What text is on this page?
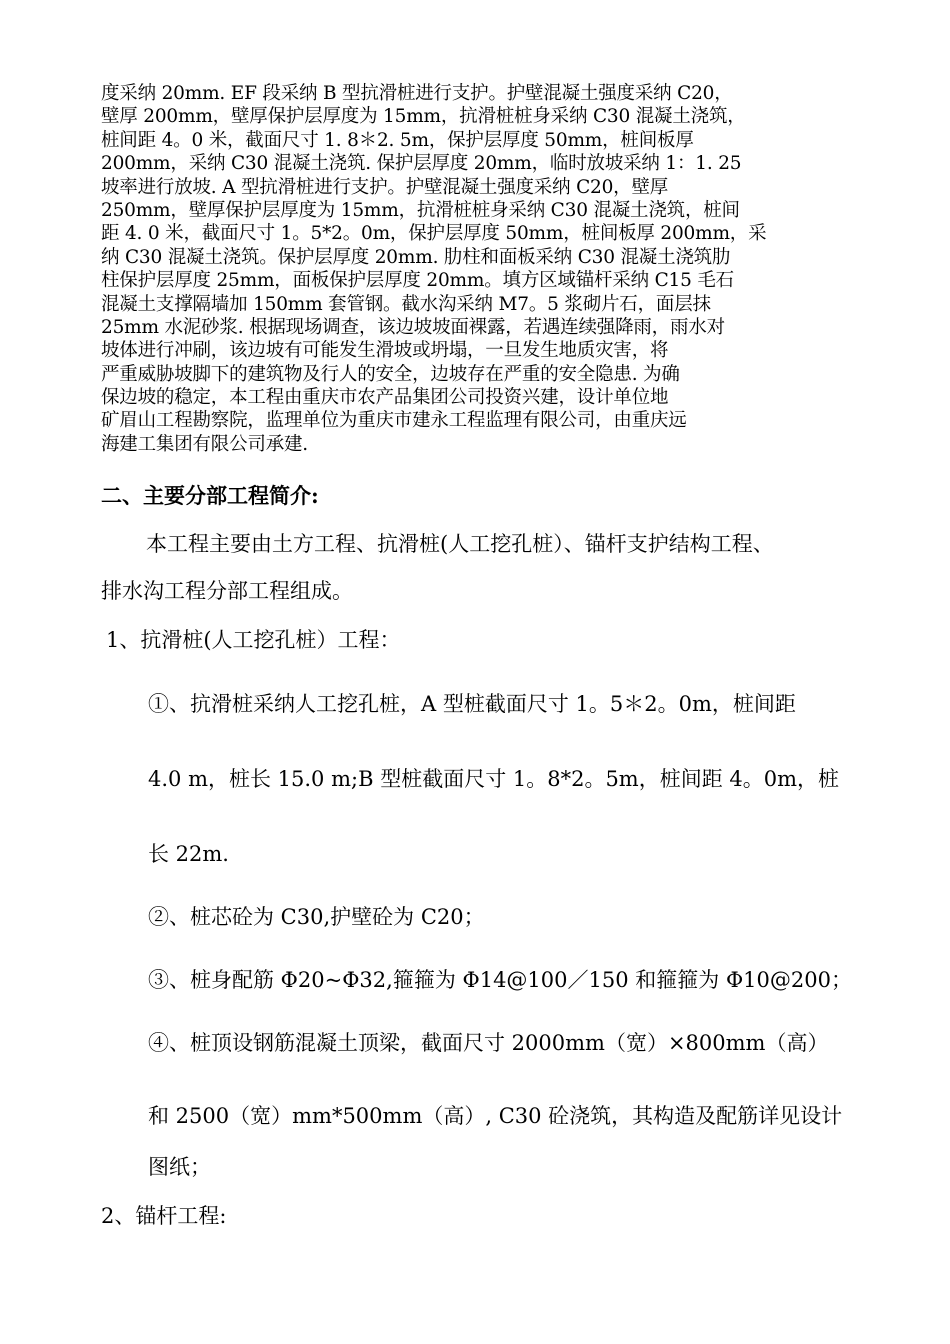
度采纳 20mm. EF 段采纳 B 型抗滑桩进行支护。护壁混凝土强度采纳 C20，
壁厚 200mm，壁厚保护层厚度为 15mm，抗滑桩桩身采纳 C30 混凝土浇筑，
桩间距 4。0 米，截面尺寸 1. 8＊2. 5m，保护层厚度 50mm，桩间板厚
200mm，采纳 C30 混凝土浇筑. 保护层厚度 20mm，临时放坡采纳 1：1. 25
坡率进行放坡. A 型抗滑桩进行支护。护壁混凝土强度采纳 C20，壁厚
250mm，壁厚保护层厚度为 15mm，抗滑桩桩身采纳 C30 混凝土浇筑，桩间
距 4. 0 米，截面尺寸 1。5*2。0m，保护层厚度 50mm，桩间板厚 200mm，采
纳 C30 混凝土浇筑。保护层厚度 20mm. 肋柱和面板采纳 C30 混凝土浇筑肋
柱保护层厚度 25mm，面板保护层厚度 20mm。填方区域锚杆采纳 C15 毛石
混凝土支撑隔墙加 150mm 套管钢。截水沟采纳 M7。5 浆砌片石，面层抹
25mm 水泥砂浆. 根据现场调查，该边坡坡面裸露，若遇连续强降雨，雨水对
坡体进行冲刷，该边坡有可能发生滑坡或坍塌，一旦发生地质灾害，将
严重威胁坡脚下的建筑物及行人的安全，边坡存在严重的安全隐患. 为确
保边坡的稳定，本工程由重庆市农产品集团公司投资兴建，设计单位地
矿眉山工程勘察院，监理单位为重庆市建永工程监理有限公司，由重庆远
海建工集团有限公司承建.
二、主要分部工程简介:
本工程主要由土方工程、抗滑桩(人工挖孔桩）、锚杆支护结构工程、
排水沟工程分部工程组成。
1、抗滑桩(人工挖孔桩）工程：
①、抗滑桩采纳人工挖孔桩，A 型桩截面尺寸 1。5＊2。0m，桩间距
4.0 m，桩长 15.0 m;B 型桩截面尺寸 1。8*2。5m，桩间距 4。0m，桩
长 22m.
②、桩芯砼为 C30,护壁砼为 C20；
③、桩身配筋 Φ20~Φ32,箍箍为 Φ14@100／150 和箍箍为 Φ10@200；
④、桩顶设钢筋混凝土顶梁，截面尺寸 2000mm（宽）×800mm（高）
和 2500（宽）mm*500mm（高）, C30 砼浇筑，其构造及配筋详见设计
图纸；
2、锚杆工程:
